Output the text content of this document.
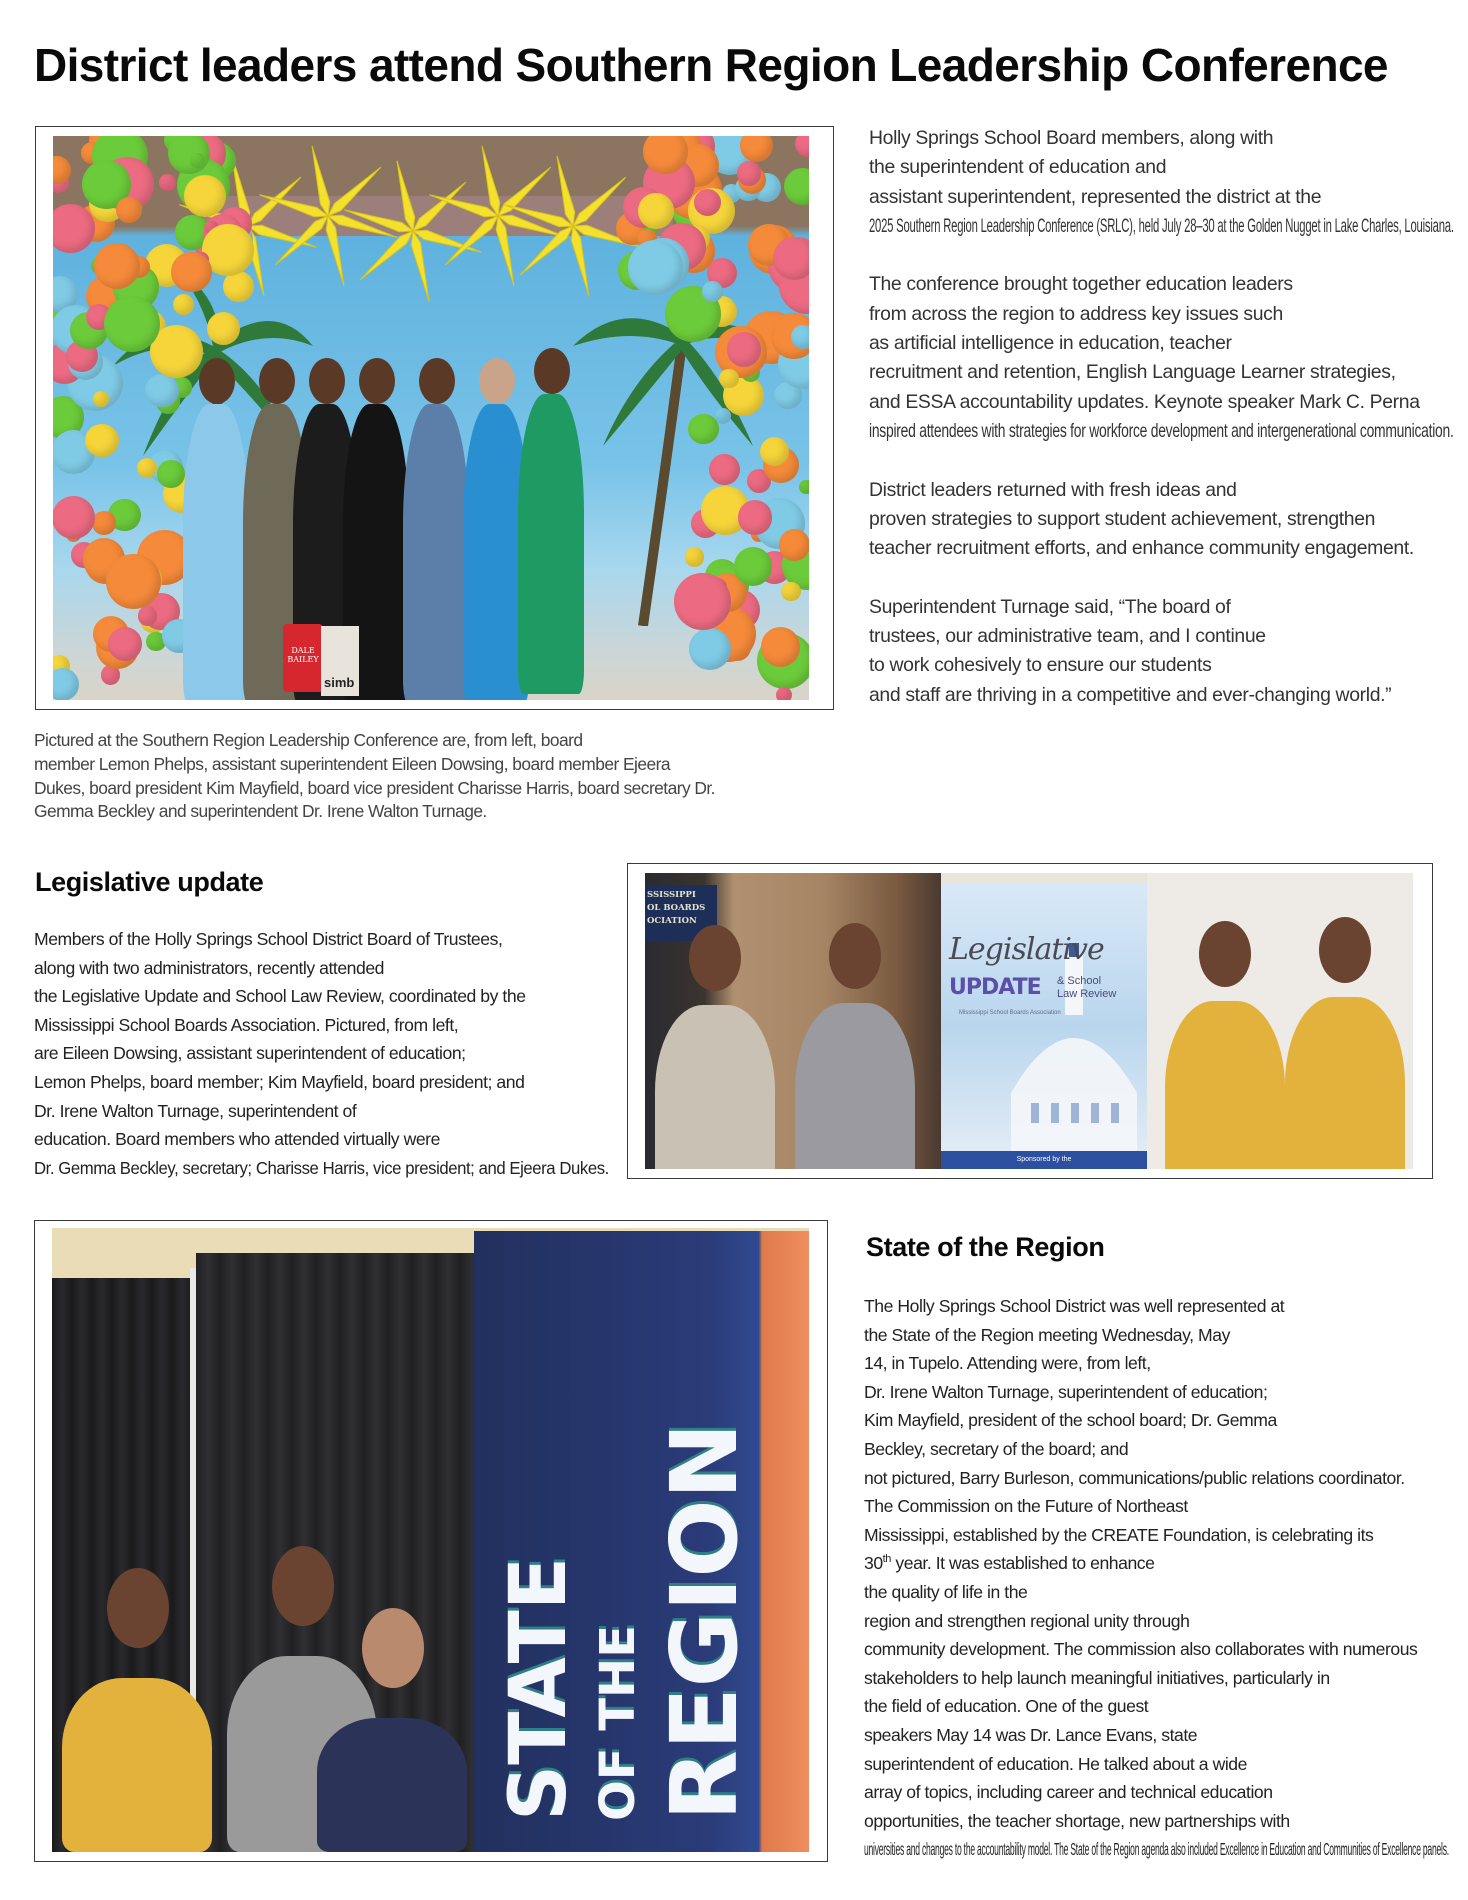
District leaders attend Southern Region Leadership Conference
DALE
BAILEY
simb
Holly Springs School Board members, along with
the superintendent of education and
assistant superintendent, represented the district at the
2025 Southern Region Leadership Conference (SRLC), held July 28–30 at the Golden Nugget in Lake Charles, Louisiana.
The conference brought together education leaders
from across the region to address key issues such
as artificial intelligence in education, teacher
recruitment and retention, English Language Learner strategies,
and ESSA accountability updates. Keynote speaker Mark C. Perna
inspired attendees with strategies for workforce development and intergenerational communication.
District leaders returned with fresh ideas and
proven strategies to support student achievement, strengthen
teacher recruitment efforts, and enhance community engagement.
Superintendent Turnage said, “The board of
trustees, our administrative team, and I continue
to work cohesively to ensure our students
and staff are thriving in a competitive and ever-changing world.”
Pictured at the Southern Region Leadership Conference are, from left, board
member Lemon Phelps, assistant superintendent Eileen Dowsing, board member Ejeera
Dukes, board president Kim Mayfield, board vice president Charisse Harris, board secretary Dr.
Gemma Beckley and superintendent Dr. Irene Walton Turnage.
Legislative update
Members of the Holly Springs School District Board of Trustees,
along with two administrators, recently attended
the Legislative Update and School Law Review, coordinated by the
Mississippi School Boards Association. Pictured, from left,
are Eileen Dowsing, assistant superintendent of education;
Lemon Phelps, board member; Kim Mayfield, board president; and
Dr. Irene Walton Turnage, superintendent of
education. Board members who attended virtually were
Dr. Gemma Beckley, secretary; Charisse Harris, vice president; and Ejeera Dukes.
SSISSIPPI
OL BOARDS
OCIATION
Legislative
UPDATE & School
Law Review
Mississippi School Boards Association
Sponsored by the
STATE OF THE REGION
State of the Region
The Holly Springs School District was well represented at
the State of the Region meeting Wednesday, May
14, in Tupelo. Attending were, from left,
Dr. Irene Walton Turnage, superintendent of education;
Kim Mayfield, president of the school board; Dr. Gemma
Beckley, secretary of the board; and
not pictured, Barry Burleson, communications/public relations coordinator.
The Commission on the Future of Northeast
Mississippi, established by the CREATE Foundation, is celebrating its
30th year. It was established to enhance
the quality of life in the
region and strengthen regional unity through
community development. The commission also collaborates with numerous
stakeholders to help launch meaningful initiatives, particularly in
the field of education. One of the guest
speakers May 14 was Dr. Lance Evans, state
superintendent of education. He talked about a wide
array of topics, including career and technical education
opportunities, the teacher shortage, new partnerships with
universities and changes to the accountability model. The State of the Region agenda also included Excellence in Education and Communities of Excellence panels.
